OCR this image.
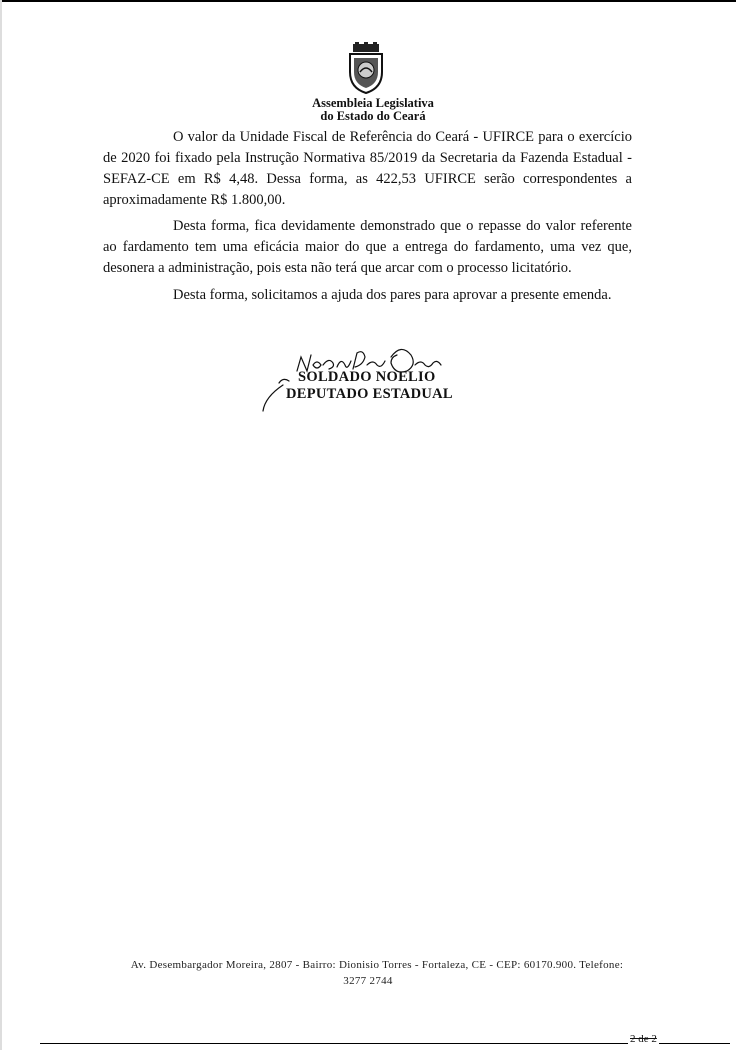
Assembleia Legislativa
do Estado do Ceará

O valor da Unidade Fiscal de Referência do Ceará - UFIRCE para o exercício de 2020 foi fixado pela Instrução Normativa 85/2019 da Secretaria da Fazenda Estadual - SEFAZ-CE em R$ 4,48. Dessa forma, as 422,53 UFIRCE serão correspondentes a aproximadamente R$ 1.800,00.

Desta forma, fica devidamente demonstrado que o repasse do valor referente ao fardamento tem uma eficácia maior do que a entrega do fardamento, uma vez que, desonera a administração, pois esta não terá que arcar com o processo licitatório.

Desta forma, solicitamos a ajuda dos pares para aprovar a presente emenda.

SOLDADO NOELIO
DEPUTADO ESTADUAL
Av. Desembargador Moreira, 2807 - Bairro: Dionisio Torres - Fortaleza, CE - CEP: 60170.900. Telefone:
3277 2744
2 de 2
